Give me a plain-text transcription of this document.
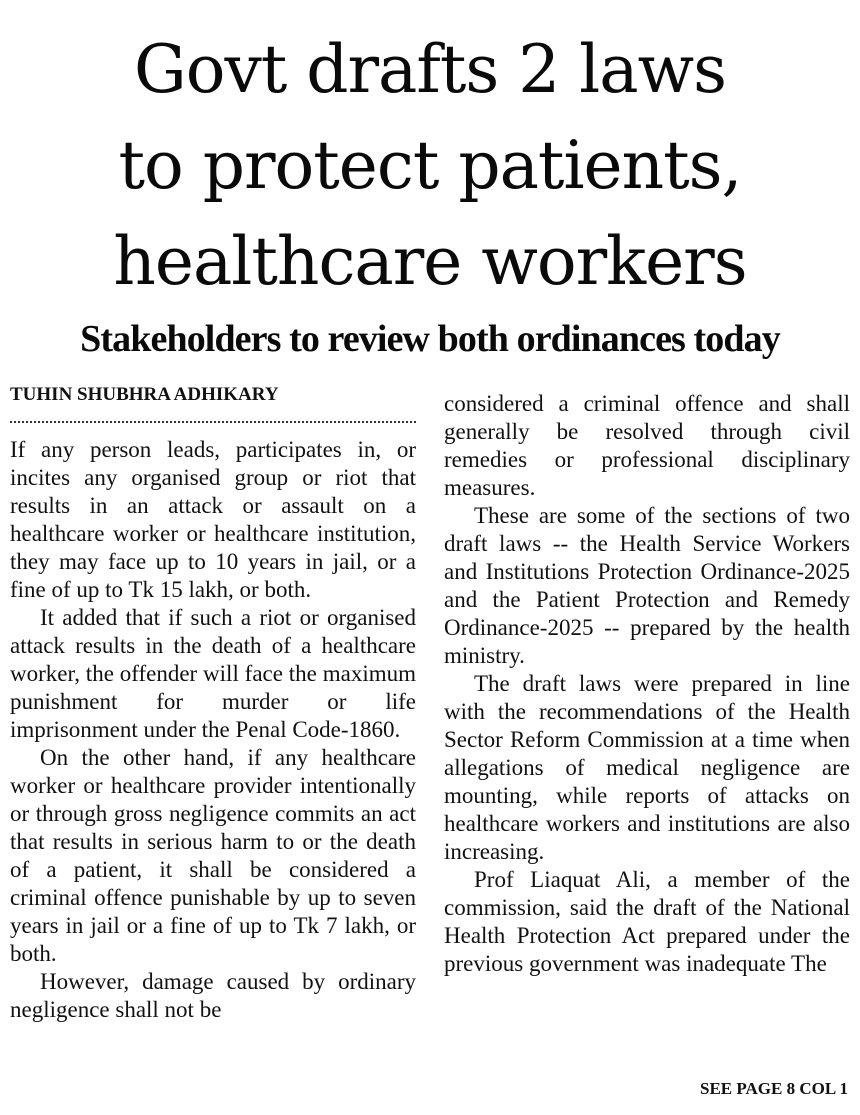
Govt drafts 2 laws
to protect patients,
healthcare workers
Stakeholders to review both ordinances today
TUHIN SHUBHRA ADHIKARY

If any person leads, participates in, or incites any organised group or riot that results in an attack or assault on a healthcare worker or healthcare institution, they may face up to 10 years in jail, or a fine of up to Tk 15 lakh, or both.

It added that if such a riot or organised attack results in the death of a healthcare worker, the offender will face the maximum punishment for murder or life imprisonment under the Penal Code-1860.

On the other hand, if any healthcare worker or healthcare provider intentionally or through gross negligence commits an act that results in serious harm to or the death of a patient, it shall be considered a criminal offence punishable by up to seven years in jail or a fine of up to Tk 7 lakh, or both.

However, damage caused by ordinary negligence shall not be

considered a criminal offence and shall generally be resolved through civil remedies or professional disciplinary measures.

These are some of the sections of two draft laws -- the Health Service Workers and Institutions Protection Ordinance-2025 and the Patient Protection and Remedy Ordinance-2025 -- prepared by the health ministry.

The draft laws were prepared in line with the recommendations of the Health Sector Reform Commission at a time when allegations of medical negligence are mounting, while reports of attacks on healthcare workers and institutions are also increasing.

Prof Liaquat Ali, a member of the commission, said the draft of the National Health Protection Act prepared under the previous government was inadequate The

SEE PAGE 8 COL 1
